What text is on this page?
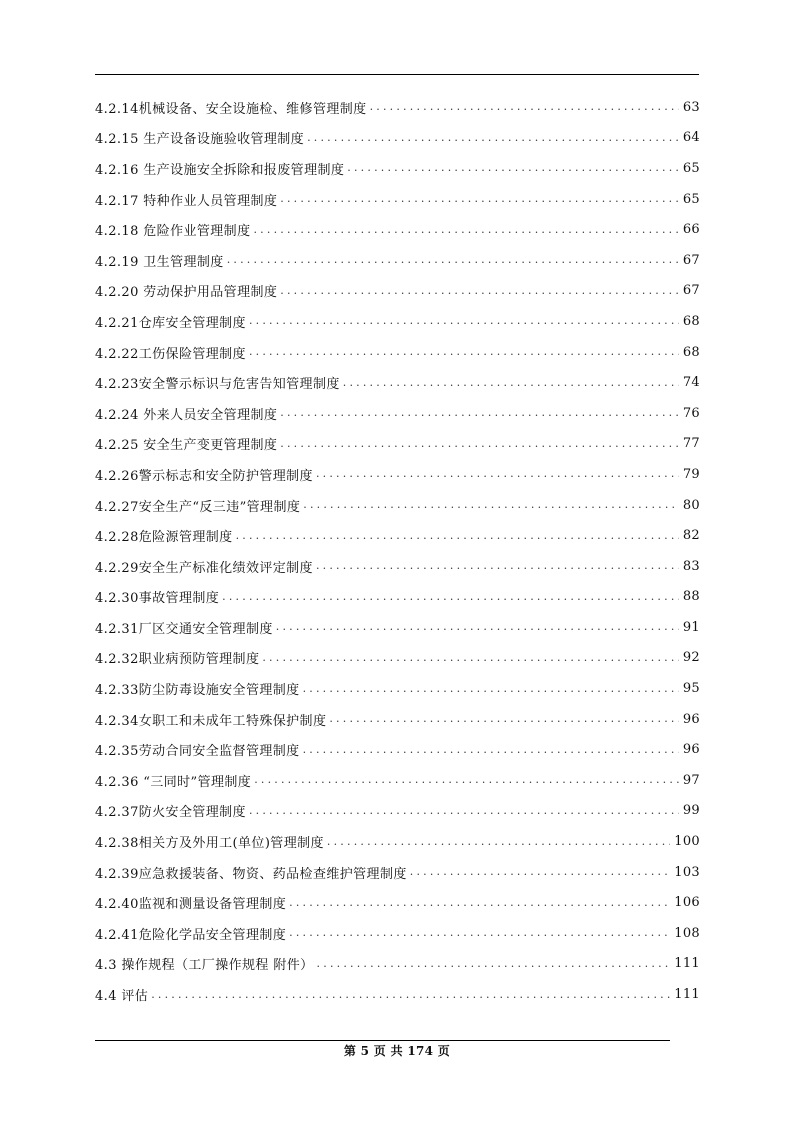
4.2.14机械设备、安全设施检、维修管理制度 .....	63
4.2.15 生产设备设施验收管理制度 .....	64
4.2.16 生产设施安全拆除和报废管理制度 .....	65
4.2.17 特种作业人员管理制度 .....	65
4.2.18 危险作业管理制度 .....	66
4.2.19 卫生管理制度 .....	67
4.2.20 劳动保护用品管理制度 .....	67
4.2.21仓库安全管理制度 .....	68
4.2.22工伤保险管理制度 .....	68
4.2.23安全警示标识与危害告知管理制度 .....	74
4.2.24 外来人员安全管理制度 .....	76
4.2.25 安全生产变更管理制度 .....	77
4.2.26警示标志和安全防护管理制度 .....	79
4.2.27安全生产“反三违”管理制度 .....	80
4.2.28危险源管理制度 .....	82
4.2.29安全生产标准化绩效评定制度 .....	83
4.2.30事故管理制度 .....	88
4.2.31厂区交通安全管理制度 .....	91
4.2.32职业病预防管理制度 .....	92
4.2.33防尘防毒设施安全管理制度 .....	95
4.2.34女职工和未成年工特殊保护制度 .....	96
4.2.35劳动合同安全监督管理制度 .....	96
4.2.36 “三同时”管理制度 .....	97
4.2.37防火安全管理制度 .....	99
4.2.38相关方及外用工(单位)管理制度 .....	100
4.2.39应急救援装备、物资、药品检查维护管理制度 .....	103
4.2.40监视和测量设备管理制度 .....	106
4.2.41危险化学品安全管理制度 .....	108
4.3 操作规程（工厂操作规程 附件） .....	111
4.4 评估 .....	111
第 5 页 共 174 页
